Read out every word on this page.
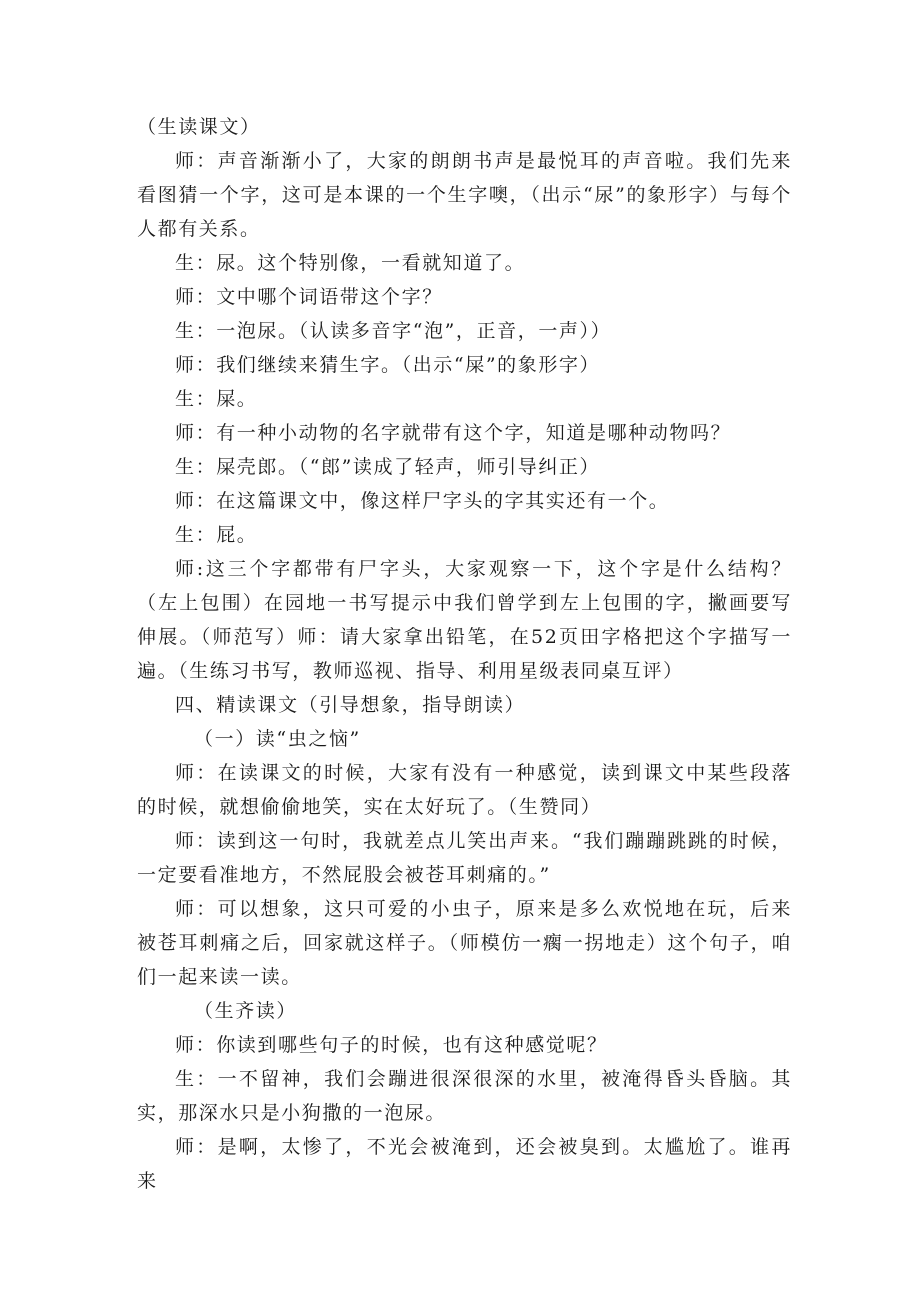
（生读课文）

师：声音渐渐小了，大家的朗朗书声是最悦耳的声音啦。我们先来看图猜一个字，这可是本课的一个生字噢，（出示“尿”的象形字）与每个人都有关系。

生：尿。这个特别像，一看就知道了。

师：文中哪个词语带这个字？

生：一泡尿。（认读多音字“泡”，正音，一声））

师：我们继续来猜生字。（出示“屎”的象形字）

生：屎。

师：有一种小动物的名字就带有这个字，知道是哪种动物吗？

生：屎壳郎。（“郎”读成了轻声，师引导纠正）

师：在这篇课文中，像这样尸字头的字其实还有一个。

生：屁。

师:这三个字都带有尸字头，大家观察一下，这个字是什么结构？（左上包围）在园地一书写提示中我们曾学到左上包围的字，撇画要写伸展。（师范写）师：请大家拿出铅笔，在52页田字格把这个字描写一遍。（生练习书写，教师巡视、指导、利用星级表同桌互评）

四、精读课文（引导想象，指导朗读）

（一）读“虫之恼”

师：在读课文的时候，大家有没有一种感觉，读到课文中某些段落的时候，就想偷偷地笑，实在太好玩了。（生赞同）

师：读到这一句时，我就差点儿笑出声来。“我们蹦蹦跳跳的时候，一定要看准地方，不然屁股会被苍耳刺痛的。”

师：可以想象，这只可爱的小虫子，原来是多么欢悦地在玩，后来被苍耳刺痛之后，回家就这样子。（师模仿一瘸一拐地走）这个句子，咱们一起来读一读。

（生齐读）

师：你读到哪些句子的时候，也有这种感觉呢？

生：一不留神，我们会蹦进很深很深的水里，被淹得昏头昏脑。其实，那深水只是小狗撒的一泡尿。

师：是啊，太惨了，不光会被淹到，还会被臭到。太尴尬了。谁再来
